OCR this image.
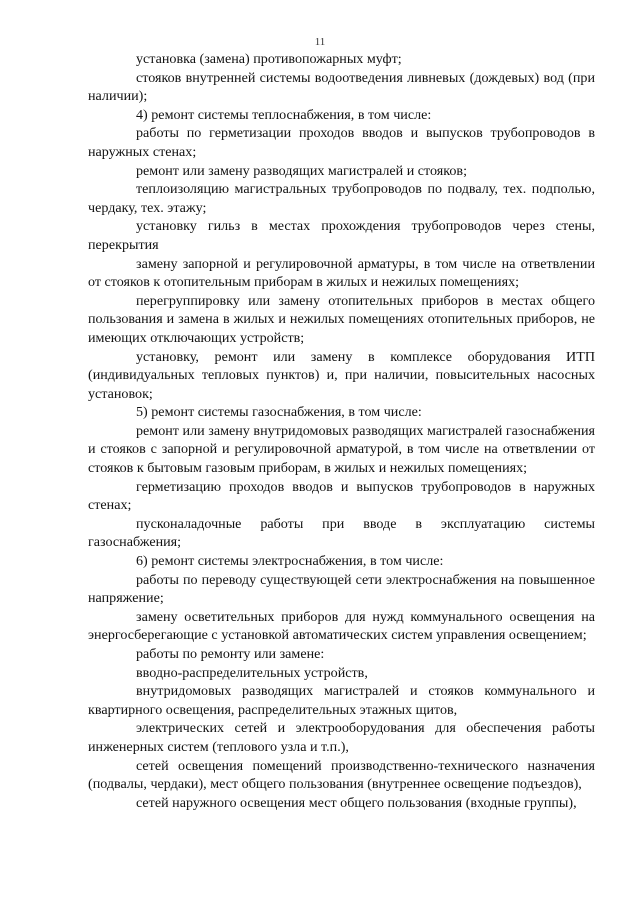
11

установка (замена) противопожарных муфт;

стояков внутренней системы водоотведения ливневых (дождевых) вод (при наличии);

4) ремонт системы теплоснабжения, в том числе:

работы по герметизации проходов вводов и выпусков трубопроводов в наружных стенах;

ремонт или замену разводящих магистралей и стояков;

теплоизоляцию магистральных трубопроводов по подвалу, тех. подполью, чердаку, тех. этажу;

установку гильз в местах прохождения трубопроводов через стены, перекрытия

замену запорной и регулировочной арматуры, в том числе на ответвлении от стояков к отопительным приборам в жилых и нежилых помещениях;

перегруппировку или замену отопительных приборов в местах общего пользования и замена в жилых и нежилых помещениях отопительных приборов, не имеющих отключающих устройств;

установку, ремонт или замену в комплексе оборудования ИТП (индивидуальных тепловых пунктов) и, при наличии, повысительных насосных установок;

5) ремонт системы газоснабжения, в том числе:

ремонт или замену внутридомовых разводящих магистралей газоснабжения и стояков с запорной и регулировочной арматурой, в том числе на ответвлении от стояков к бытовым газовым приборам, в жилых и нежилых помещениях;

герметизацию проходов вводов и выпусков трубопроводов в наружных стенах;

пусконаладочные работы при вводе в эксплуатацию системы газоснабжения;

6) ремонт системы электроснабжения, в том числе:

работы по переводу существующей сети электроснабжения на повышенное напряжение;

замену осветительных приборов для нужд коммунального освещения на энергосберегающие с установкой автоматических систем управления освещением;

работы по ремонту или замене:

вводно-распределительных устройств,

внутридомовых разводящих магистралей и стояков коммунального и квартирного освещения, распределительных этажных щитов,

электрических сетей и электрооборудования для обеспечения работы инженерных систем (теплового узла и т.п.),

сетей освещения помещений производственно-технического назначения (подвалы, чердаки), мест общего пользования (внутреннее освещение подъездов),

сетей наружного освещения мест общего пользования (входные группы),
